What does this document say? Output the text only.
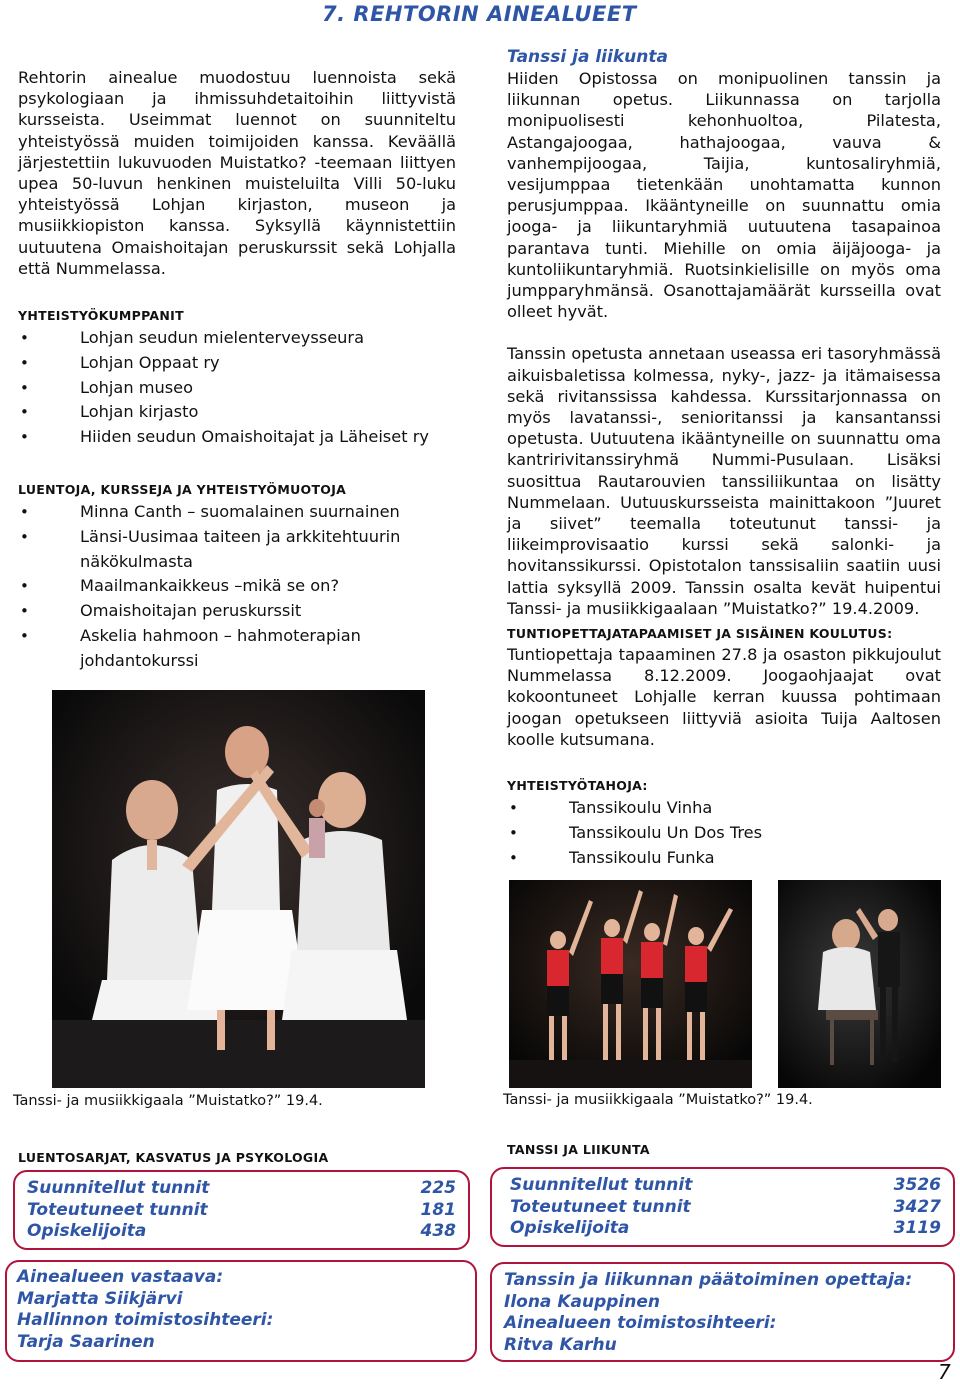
7. REHTORIN AINEALUEET

Rehtorin ainealue muodostuu luennoista sekä psykologiaan ja ihmissuhdetaitoihin liittyvistä kursseista. Useimmat luennot on suunniteltu yhteistyössä muiden toimijoiden kanssa. Keväällä järjestettiin lukuvuoden Muistatko? -teemaan liittyen upea 50-luvun henkinen muisteluilta Villi 50-luku yhteistyössä Lohjan kirjaston, museon ja musiikkiopiston kanssa. Syksyllä käynnistettiin uutuutena Omaishoitajan peruskurssit sekä Lohjalla että Nummelassa.

YHTEISTYÖKUMPPANIT

• Lohjan seudun mielenterveysseura
• Lohjan Oppaat ry
• Lohjan museo
• Lohjan kirjasto
• Hiiden seudun Omaishoitajat ja Läheiset ry

LUENTOJA, KURSSEJA JA YHTEISTYÖMUOTOJA

• Minna Canth – suomalainen suurnainen
• Länsi-Uusimaa taiteen ja arkkitehtuurin näkökulmasta
• Maailmankaikkeus –mikä se on?
• Omaishoitajan peruskurssit
• Askelia hahmoon – hahmoterapian johdantokurssi
Tanssi- ja musiikkigaala ”Muistatko?” 19.4.

Tanssi ja liikunta

Hiiden Opistossa on monipuolinen tanssin ja liikunnan opetus. Liikunnassa on tarjolla monipuolisesti kehonhuoltoa, Pilatesta, Astangajoogaa, hathajoogaa, vauva & vanhempijoogaa, Taijia, kuntosaliryhmiä, vesijumppaa tietenkään unohtamatta kunnon perusjumppaa. Ikääntyneille on suunnattu omia jooga- ja liikuntaryhmiä uutuutena tasapainoa parantava tunti. Miehille on omia äijäjooga- ja kuntoliikuntaryhmiä. Ruotsinkielisille on myös oma jumpparyhmänsä. Osanottajamäärät kursseilla ovat olleet hyvät.

Tanssin opetusta annetaan useassa eri tasoryhmässä aikuisbaletissa kolmessa, nyky-, jazz- ja itämaisessa sekä rivitanssissa kahdessa. Kurssitarjonnassa on myös lavatanssi-, senioritanssi ja kansantanssi opetusta. Uutuutena ikääntyneille on suunnattu oma kantririvitanssiryhmä Nummi-Pusulaan. Lisäksi suosittua Rautarouvien tanssiliikuntaa on lisätty Nummelaan. Uutuuskursseista mainittakoon ”Juuret ja siivet” teemalla toteutunut tanssi- ja liikeimprovisaatio kurssi sekä salonki- ja hovitanssikurssi. Opistotalon tanssisaliin saatiin uusi lattia syksyllä 2009. Tanssin osalta kevät huipentui Tanssi- ja musiikkigaalaan ”Muistatko?” 19.4.2009.

TUNTIOPETTAJATAPAAMISET JA SISÄINEN KOULUTUS:

Tuntiopettaja tapaaminen 27.8 ja osaston pikkujoulut Nummelassa 8.12.2009. Joogaohjaajat ovat kokoontuneet Lohjalle kerran kuussa pohtimaan joogan opetukseen liittyviä asioita Tuija Aaltosen koolle kutsumana.

YHTEISTYÖTAHOJA:

• Tanssikoulu Vinha
• Tanssikoulu Un Dos Tres
• Tanssikoulu Funka
Tanssi- ja musiikkigaala ”Muistatko?” 19.4.

LUENTOSARJAT, KASVATUS JA PSYKOLOGIA

Suunnitellut tunnit	225
Toteutuneet tunnit	181
Opiskelijoita	438

TANSSI JA LIIKUNTA

Suunnitellut tunnit	3526
Toteutuneet tunnit	3427
Opiskelijoita	3119
Ainealueen vastaava:
Marjatta Siikjärvi
Hallinnon toimistosihteeri:
Tarja Saarinen
Tanssin ja liikunnan päätoiminen opettaja:
Ilona Kauppinen
Ainealueen toimistosihteeri:
Ritva Karhu
7
